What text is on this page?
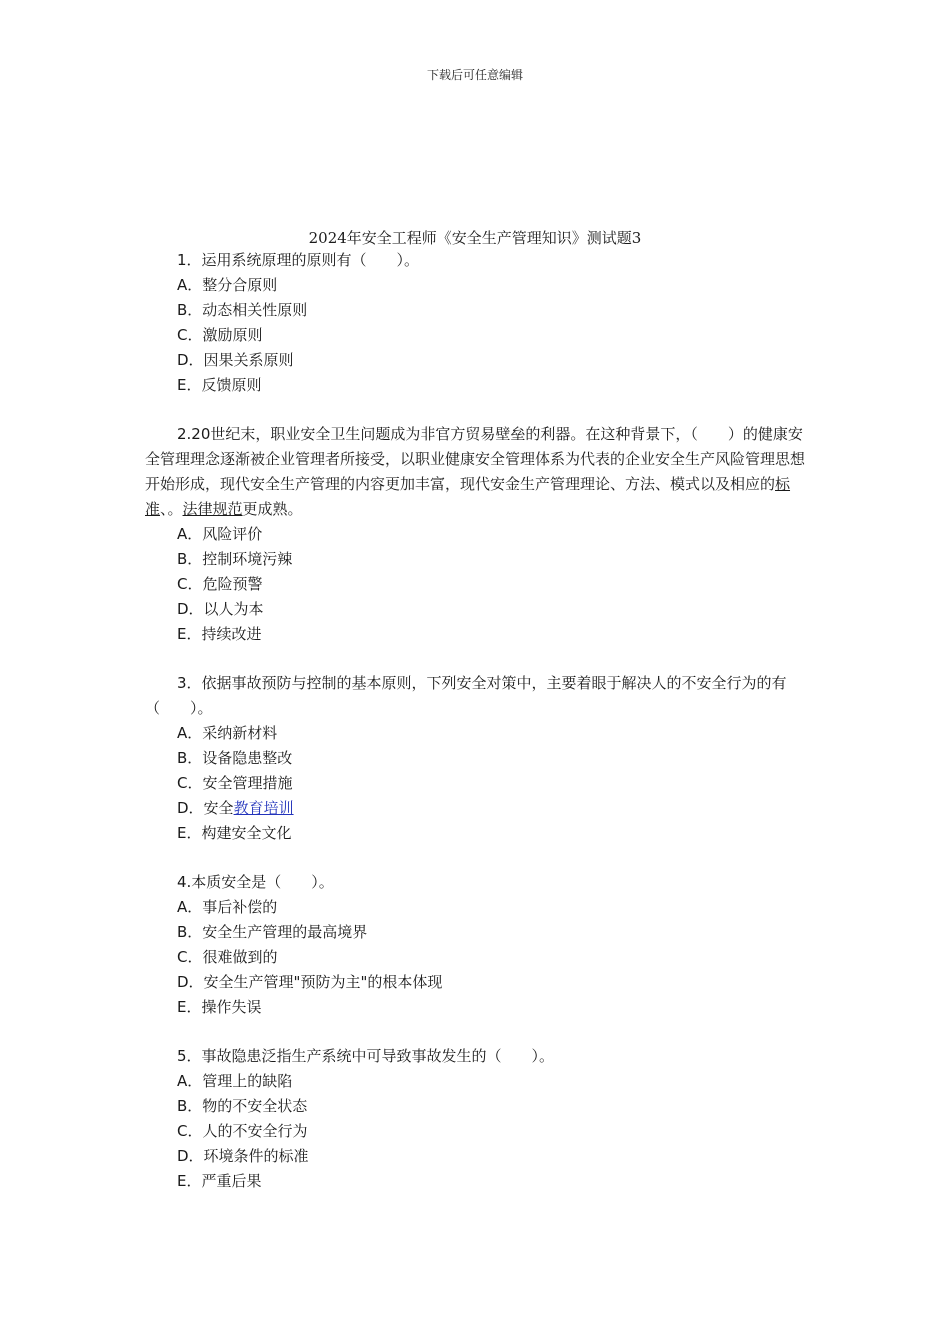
下载后可任意编辑
2024年安全工程师《安全生产管理知识》测试题3
1．运用系统原理的原则有（　　）。
A．整分合原则
B．动态相关性原则
C．激励原则
D．因果关系原则
E．反馈原则
2.20世纪末，职业安全卫生问题成为非官方贸易壁垒的利器。在这种背景下，（　　）的健康安全管理理念逐渐被企业管理者所接受，以职业健康安全管理体系为代表的企业安全生产风险管理思想开始形成，现代安全生产管理的内容更加丰富，现代安金生产管理理论、方法、模式以及相应的标准、。法律规范更成熟。
A．风险评价
B．控制环境污辣
C．危险预警
D．以人为本
E．持续改进
3．依据事故预防与控制的基本原则，下列安全对策中，主要着眼于解决人的不安全行为的有（　　）。
A．采纳新材料
B．设备隐患整改
C．安全管理措施
D．安全教育培训
E．构建安全文化
4.本质安全是（　　）。
A．事后补偿的
B．安全生产管理的最高境界
C．很难做到的
D．安全生产管理"预防为主"的根本体现
E．操作失误
5．事故隐患泛指生产系统中可导致事故发生的（　　）。
A．管理上的缺陷
B．物的不安全状态
C．人的不安全行为
D．环境条件的标准
E．严重后果
